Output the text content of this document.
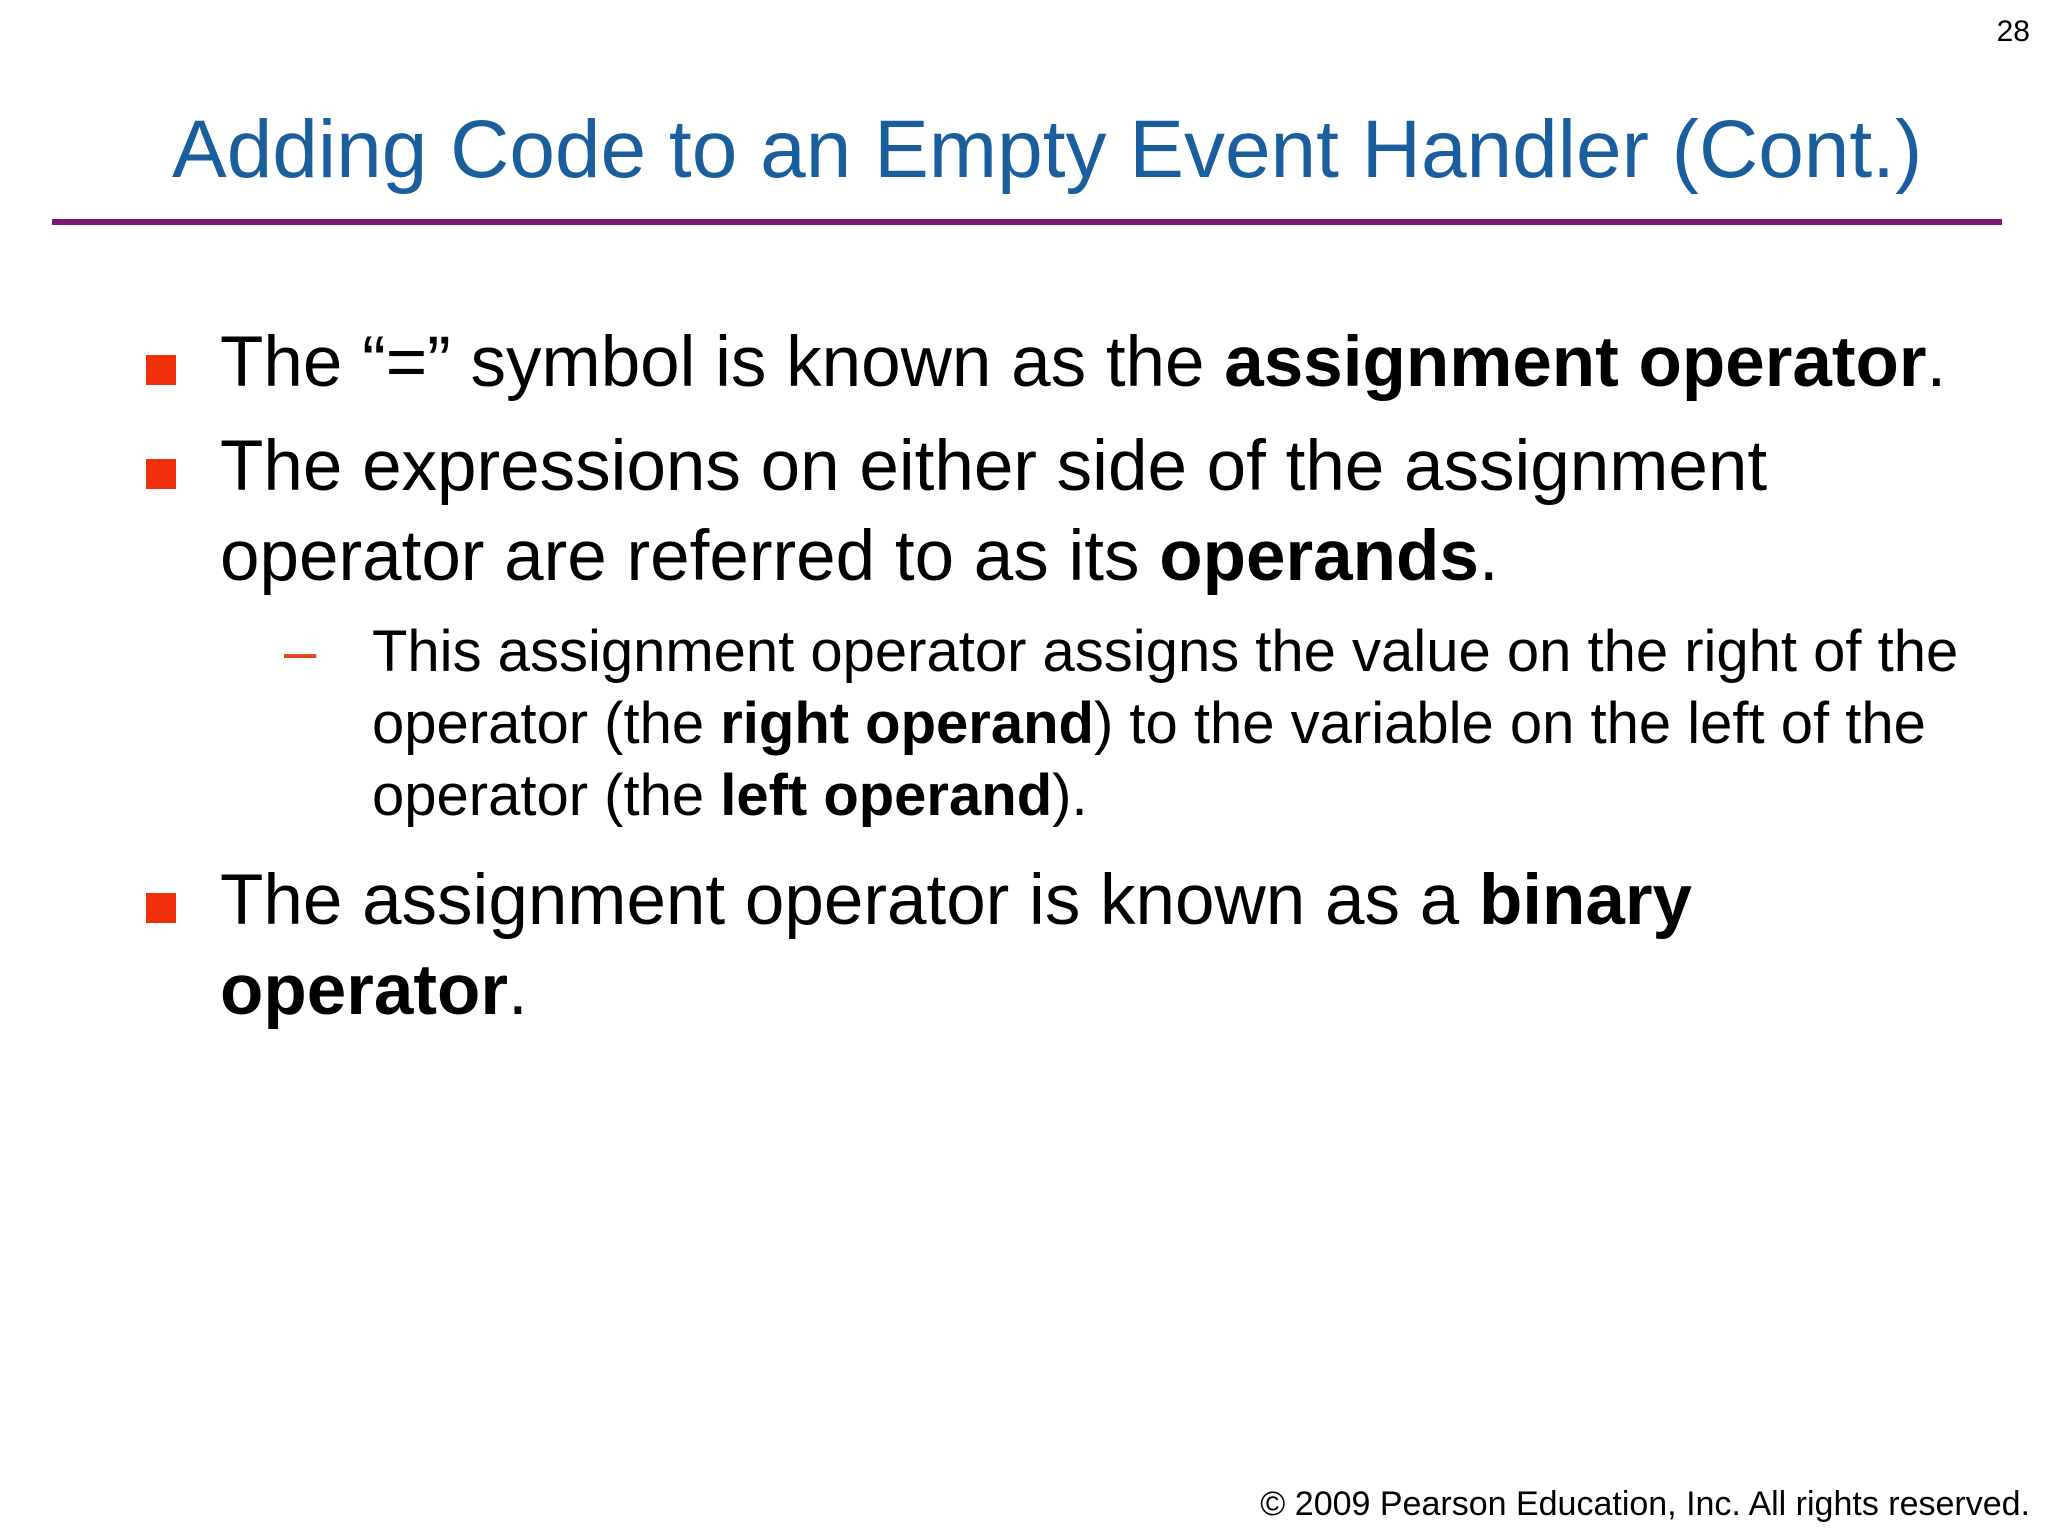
28
Adding Code to an Empty Event Handler (Cont.)
The “=” symbol is known as the assignment operator.
The expressions on either side of the assignment operator are referred to as its operands.
– This assignment operator assigns the value on the right of the operator (the right operand) to the variable on the left of the operator (the left operand).
The assignment operator is known as a binary operator.
© 2009 Pearson Education, Inc. All rights reserved.
